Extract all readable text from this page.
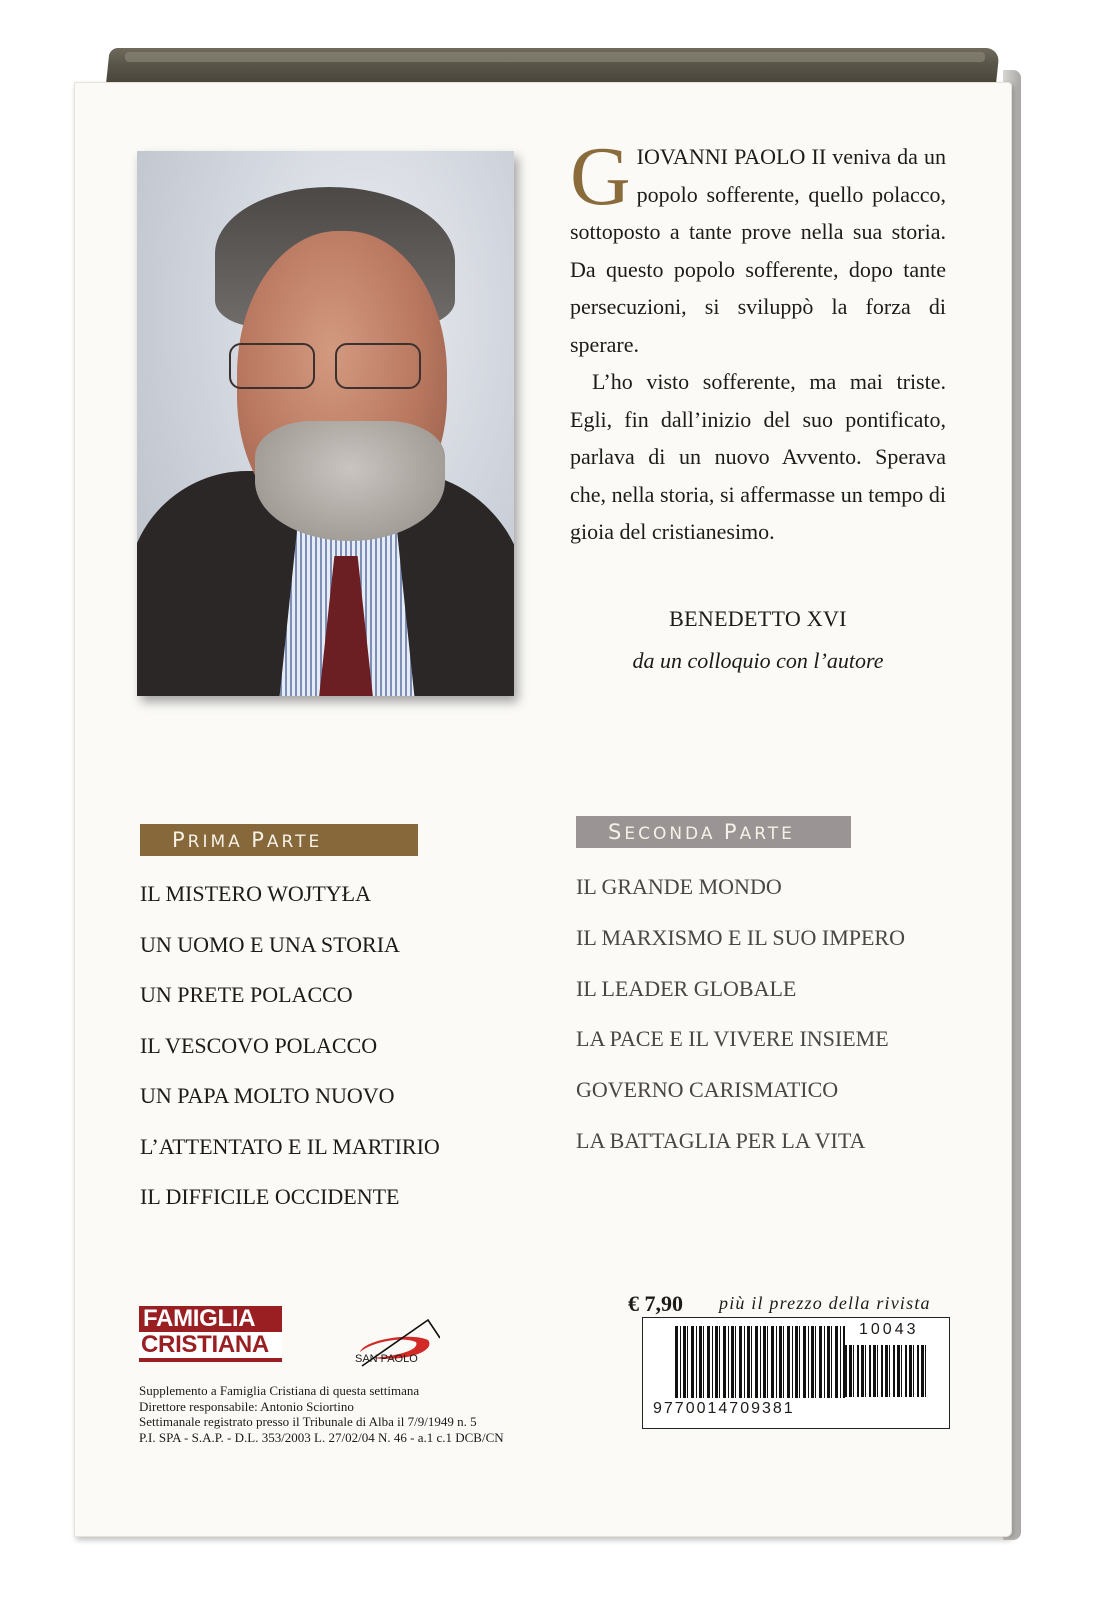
GIOVANNI PAOLO II veniva da un popolo sofferente, quello polacco, sottoposto a tante prove nella sua storia. Da questo popolo sofferente, dopo tante persecuzioni, si sviluppò la forza di sperare.

L’ho visto sofferente, ma mai triste. Egli, fin dall’inizio del suo pontificato, parlava di un nuovo Avvento. Sperava che, nella storia, si affermasse un tempo di gioia del cristianesimo.

BENEDETTO XVI
da un colloquio con l’autore
PRIMA PARTE
IL MISTERO WOJTYŁA
UN UOMO E UNA STORIA
UN PRETE POLACCO
IL VESCOVO POLACCO
UN PAPA MOLTO NUOVO
L’ATTENTATO E IL MARTIRIO
IL DIFFICILE OCCIDENTE
SECONDA PARTE
IL GRANDE MONDO
IL MARXISMO E IL SUO IMPERO
IL LEADER GLOBALE
LA PACE E IL VIVERE INSIEME
GOVERNO CARISMATICO
LA BATTAGLIA PER LA VITA
FAMIGLIA
CRISTIANA
SAN PAOLO
Supplemento a Famiglia Cristiana di questa settimana
Direttore responsabile: Antonio Sciortino
Settimanale registrato presso il Tribunale di Alba il 7/9/1949 n. 5
P.I. SPA - S.A.P. - D.L. 353/2003 L. 27/02/04 N. 46 - a.1 c.1 DCB/CN
€ 7,90 più il prezzo della rivista
10043
9770014709381
